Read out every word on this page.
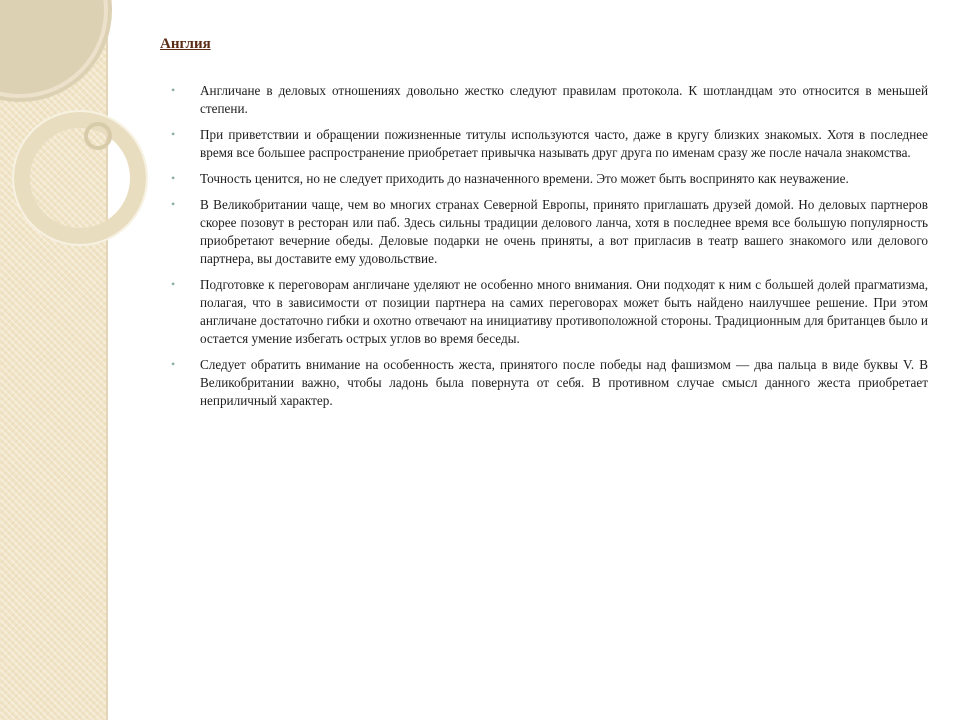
Англия
• Англичане в деловых отношениях довольно жестко следуют правилам протокола. К шотландцам это относится в меньшей степени.
• При приветствии и обращении пожизненные титулы используются часто, даже в кругу близких знакомых. Хотя в последнее время все большее распространение приобретает привычка называть друг друга по именам сразу же после начала знакомства.
• Точность ценится, но не следует приходить до назначенного времени. Это может быть воспринято как неуважение.
• В Великобритании чаще, чем во многих странах Северной Европы, принято приглашать друзей домой. Но деловых партнеров скорее позовут в ресторан или паб. Здесь сильны традиции делового ланча, хотя в последнее время все большую популярность приобретают вечерние обеды. Деловые подарки не очень приняты, а вот пригласив в театр вашего знакомого или делового партнера, вы доставите ему удовольствие.
• Подготовке к переговорам англичане уделяют не особенно много внимания. Они подходят к ним с большей долей прагматизма, полагая, что в зависимости от позиции партнера на самих переговорах может быть найдено наилучшее решение. При этом англичане достаточно гибки и охотно отвечают на инициативу противоположной стороны. Традиционным для британцев было и остается умение избегать острых углов во время беседы.
• Следует обратить внимание на особенность жеста, принятого после победы над фашизмом — два пальца в виде буквы V. В Великобритании важно, чтобы ладонь была повернута от себя. В противном случае смысл данного жеста приобретает неприличный характер.
